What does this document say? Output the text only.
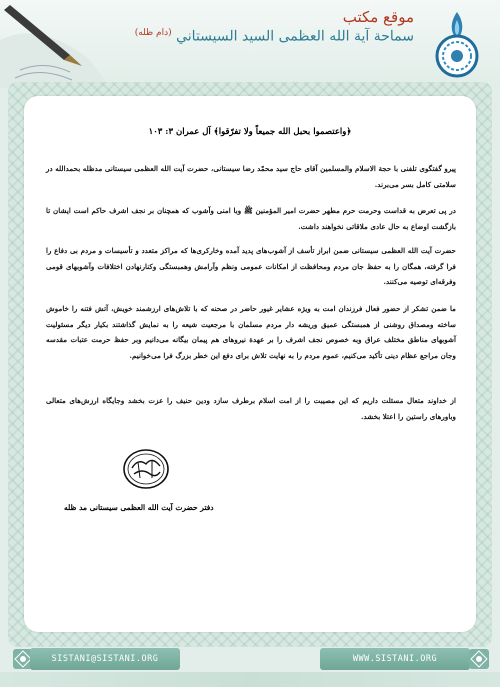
موقع مكتب
سماحة آية الله العظمى السيد السيستاني $^{(دام ظله)}$
﴿واعتصموا بحبل الله جميعاً ولا تفرّقوا﴾ آل عمران ۳: ۱۰۳

پيرو گفتگوى تلفنى با حجة الاسلام والمسلمين آقاى حاج سيد محمّد رضا سيستانى، حضرت آيت الله العظمى سيستانى مدظله بحمدالله در سلامتى كامل بسر مى‌برند.

در پى تعرض به قداست وحرمت حرم مطهر حضرت امير المؤمنين ﷺ وبا امنى وآشوب كه همچنان بر نجف اشرف حاكم است ايشان تا بازگشت اوضاع به حال عادى ملاقاتى نخواهند داشت.

حضرت آيت الله العظمى سيستانى ضمن ابراز تأسف از آشوب‌هاى پديد آمده وخاركرى‌ها كه مراكز متعدد و تأسيسات و مردم بى دفاع را فرا گرفته، همگان را به حفظ جان مردم ومحافظت از امكانات عمومى ونظم وآرامش وهمبستگى وكنارنهادن اختلافات وآشوبهاى قومى وفرقه‌اى توصيه مى‌كنند.

ما ضمن تشكر از حضور فعال فرزندان امت به ويژه عشاير غيور حاضر در صحنه كه با تلاش‌هاى ارزشمند خويش، آتش فتنه را خاموش ساخته ومصداق روشنى از همبستگى عميق وريشه دار مردم مسلمان با مرجعيت شيعه را به نمايش گذاشتند بكيار ديگر مسئوليت آشوبهاى مناطق مختلف عراق وبه خصوص نجف اشرف را بر عهدة نيروهاى هم پيمان بيگانه مى‌دانيم وبر حفظ حرمت عتبات مقدسه وجان مراجع عظام دينى تأكيد مى‌كنيم، عموم مردم را به نهايت تلاش براى دفع اين خطر بزرگ فرا مى‌خوانيم.

از خداوند متعال مسئلت داريم كه اين مصيبت را از امت اسلام برطرف سازد ودين حنيف را عزت بخشد وجايگاه ارزش‌هاى متعالى وباورهاى راستين را اعتلا بخشد.

دفتر حضرت آيت الله العظمى سيستانى مد ظله
SISTANI@SISTANI.ORG	WWW.SISTANI.ORG
